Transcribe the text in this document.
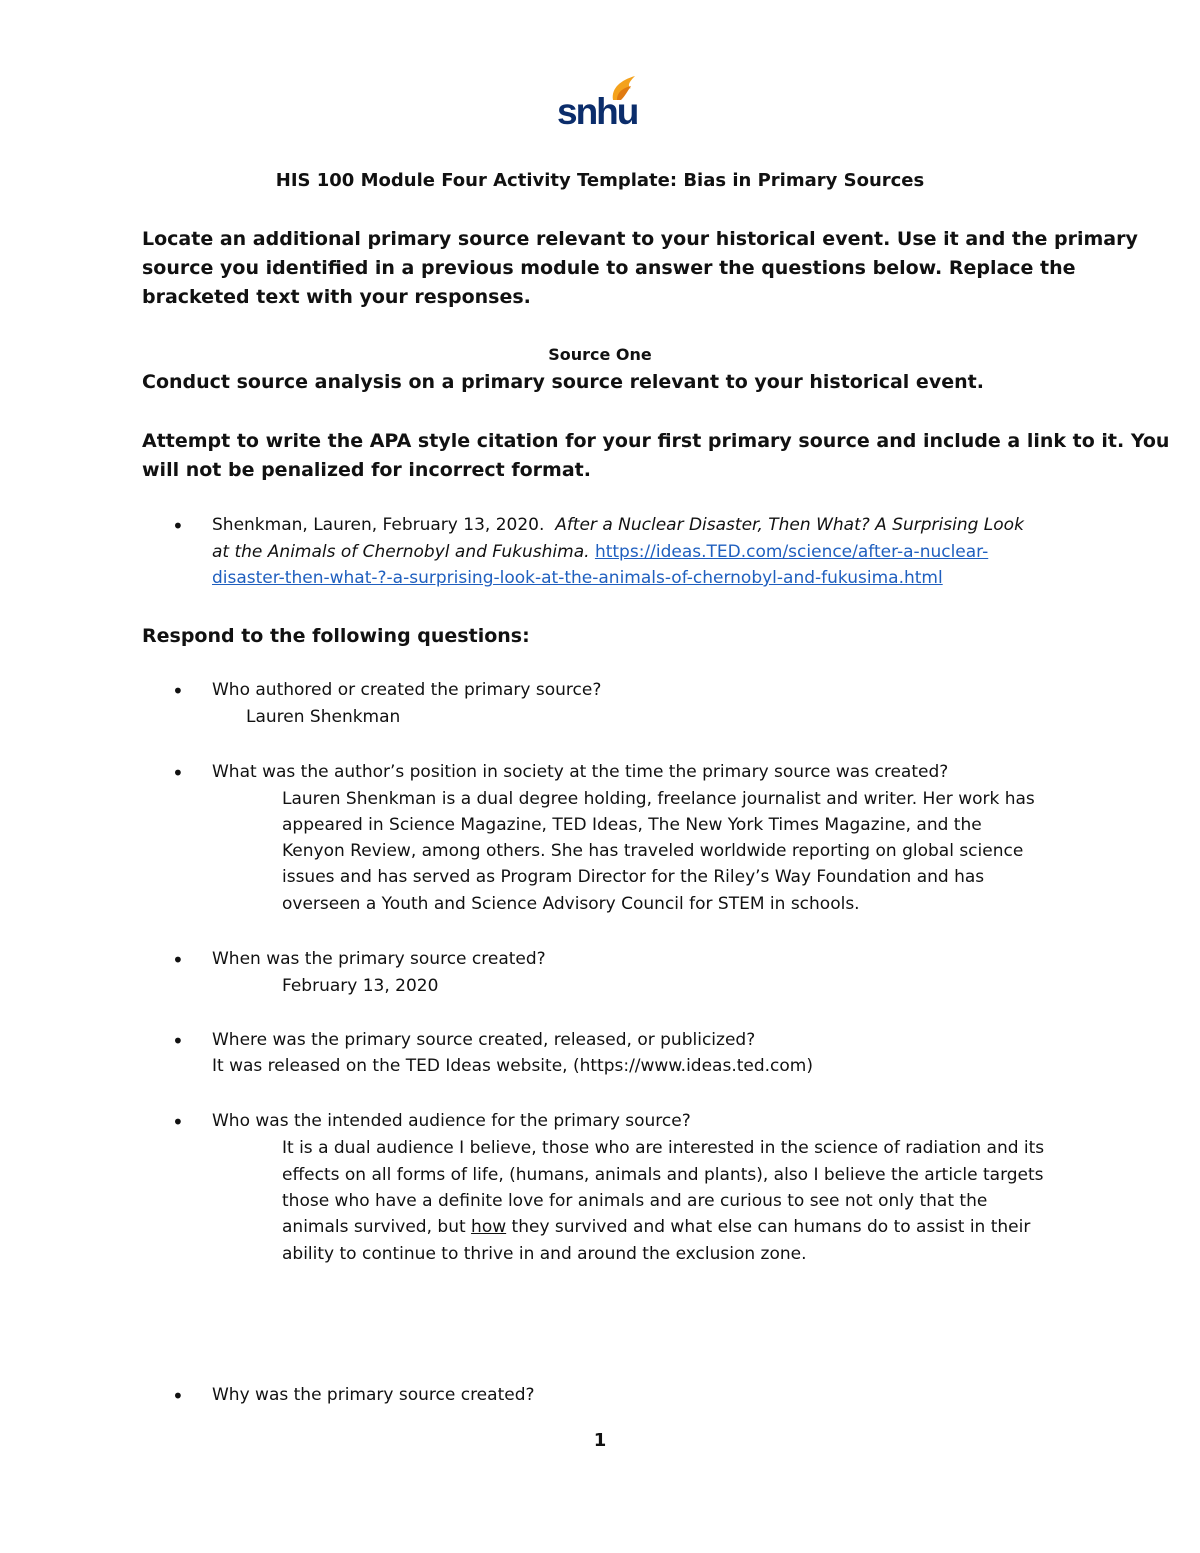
snhu
HIS 100 Module Four Activity Template: Bias in Primary Sources
Locate an additional primary source relevant to your historical event. Use it and the primary
source you identified in a previous module to answer the questions below. Replace the
bracketed text with your responses.
Source One
Conduct source analysis on a primary source relevant to your historical event.
Attempt to write the APA style citation for your first primary source and include a link to it. You
will not be penalized for incorrect format.
• Shenkman, Lauren, February 13, 2020. After a Nuclear Disaster, Then What? A Surprising Look
at the Animals of Chernobyl and Fukushima. https://ideas.TED.com/science/after-a-nuclear-
disaster-then-what-?-a-surprising-look-at-the-animals-of-chernobyl-and-fukusima.html
Respond to the following questions:
• Who authored or created the primary source?
Lauren Shenkman
• What was the author’s position in society at the time the primary source was created?
Lauren Shenkman is a dual degree holding, freelance journalist and writer. Her work has
appeared in Science Magazine, TED Ideas, The New York Times Magazine, and the
Kenyon Review, among others. She has traveled worldwide reporting on global science
issues and has served as Program Director for the Riley’s Way Foundation and has
overseen a Youth and Science Advisory Council for STEM in schools.
• When was the primary source created?
February 13, 2020
• Where was the primary source created, released, or publicized?
It was released on the TED Ideas website, (https://www.ideas.ted.com)
• Who was the intended audience for the primary source?
It is a dual audience I believe, those who are interested in the science of radiation and its
effects on all forms of life, (humans, animals and plants), also I believe the article targets
those who have a definite love for animals and are curious to see not only that the
animals survived, but how they survived and what else can humans do to assist in their
ability to continue to thrive in and around the exclusion zone.
• Why was the primary source created?
1
